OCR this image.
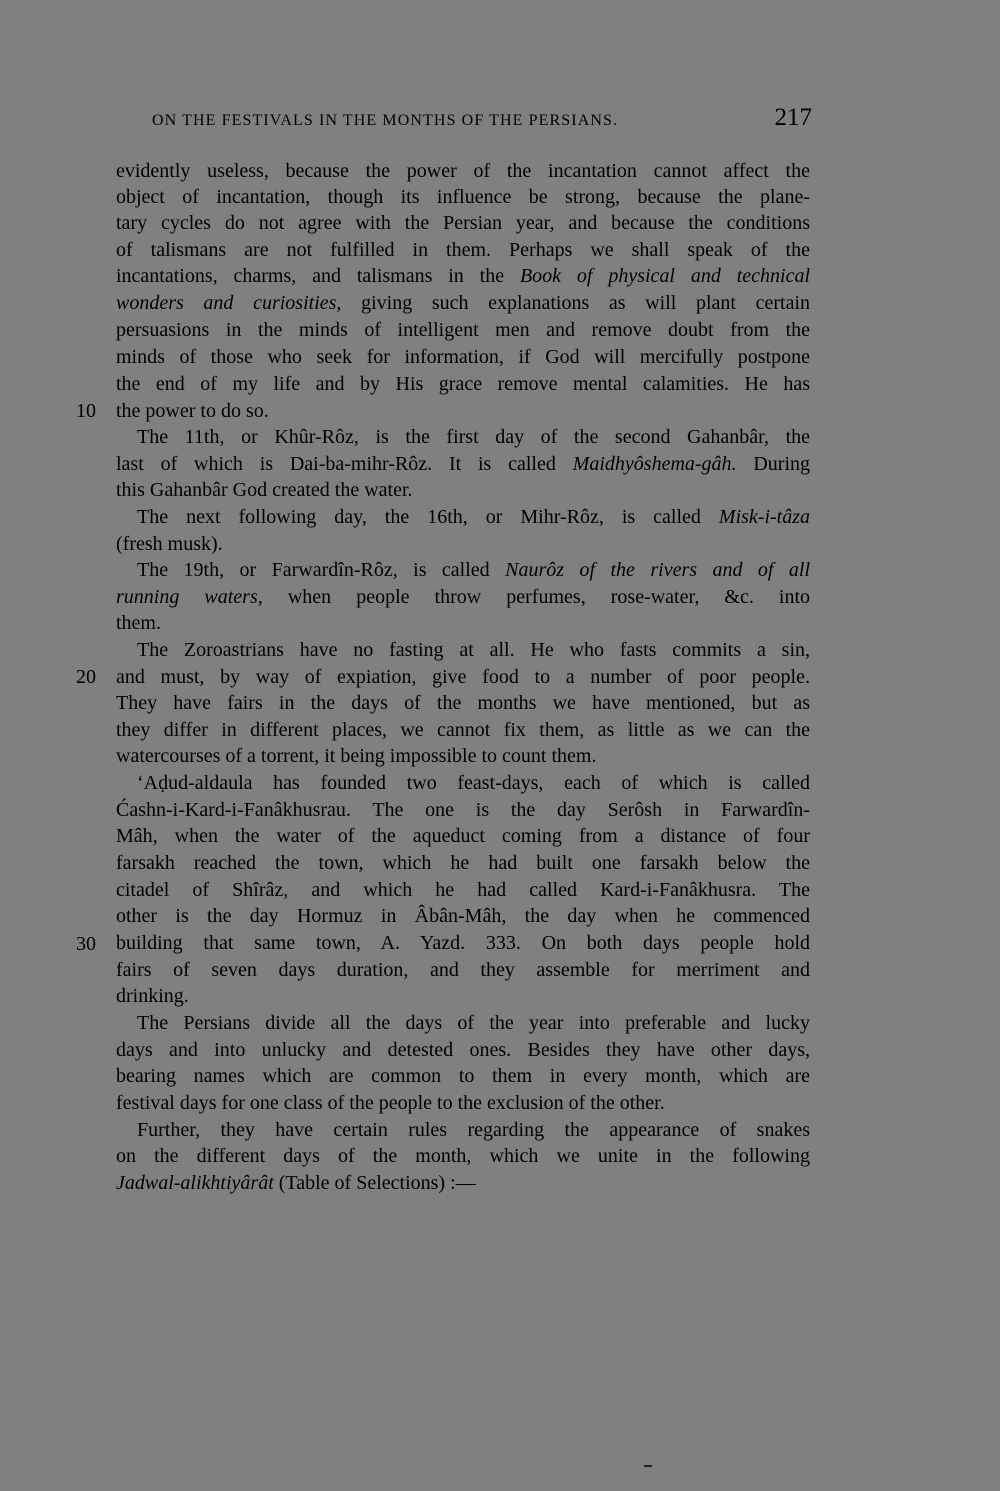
ON THE FESTIVALS IN THE MONTHS OF THE PERSIANS.	217
10
20
30
evidently useless, because the power of the incantation cannot affect the
object of incantation, though its influence be strong, because the plane-
tary cycles do not agree with the Persian year, and because the conditions
of talismans are not fulfilled in them. Perhaps we shall speak of the
incantations, charms, and talismans in the Book of physical and technical
wonders and curiosities, giving such explanations as will plant certain
persuasions in the minds of intelligent men and remove doubt from the
minds of those who seek for information, if God will mercifully postpone
the end of my life and by His grace remove mental calamities. He has
the power to do so.
The 11th, or Khûr-Rôz, is the first day of the second Gahanbâr, the
last of which is Dai-ba-mihr-Rôz. It is called Maidhyôshema-gâh. During
this Gahanbâr God created the water.
The next following day, the 16th, or Mihr-Rôz, is called Misk-i-tâza
(fresh musk).
The 19th, or Farwardîn-Rôz, is called Naurôz of the rivers and of all
running waters, when people throw perfumes, rose-water, &c. into
them.
The Zoroastrians have no fasting at all. He who fasts commits a sin,
and must, by way of expiation, give food to a number of poor people.
They have fairs in the days of the months we have mentioned, but as
they differ in different places, we cannot fix them, as little as we can the
watercourses of a torrent, it being impossible to count them.
‘Aḍud-aldaula has founded two feast-days, each of which is called
Ćashn-i-Kard-i-Fanâkhusrau. The one is the day Serôsh in Farwardîn-
Mâh, when the water of the aqueduct coming from a distance of four
farsakh reached the town, which he had built one farsakh below the
citadel of Shîrâz, and which he had called Kard-i-Fanâkhusra. The
other is the day Hormuz in Âbân-Mâh, the day when he commenced
building that same town, A. Yazd. 333. On both days people hold
fairs of seven days duration, and they assemble for merriment and
drinking.
The Persians divide all the days of the year into preferable and lucky
days and into unlucky and detested ones. Besides they have other days,
bearing names which are common to them in every month, which are
festival days for one class of the people to the exclusion of the other.
Further, they have certain rules regarding the appearance of snakes
on the different days of the month, which we unite in the following
Jadwal-alikhtiyârât (Table of Selections) :—
